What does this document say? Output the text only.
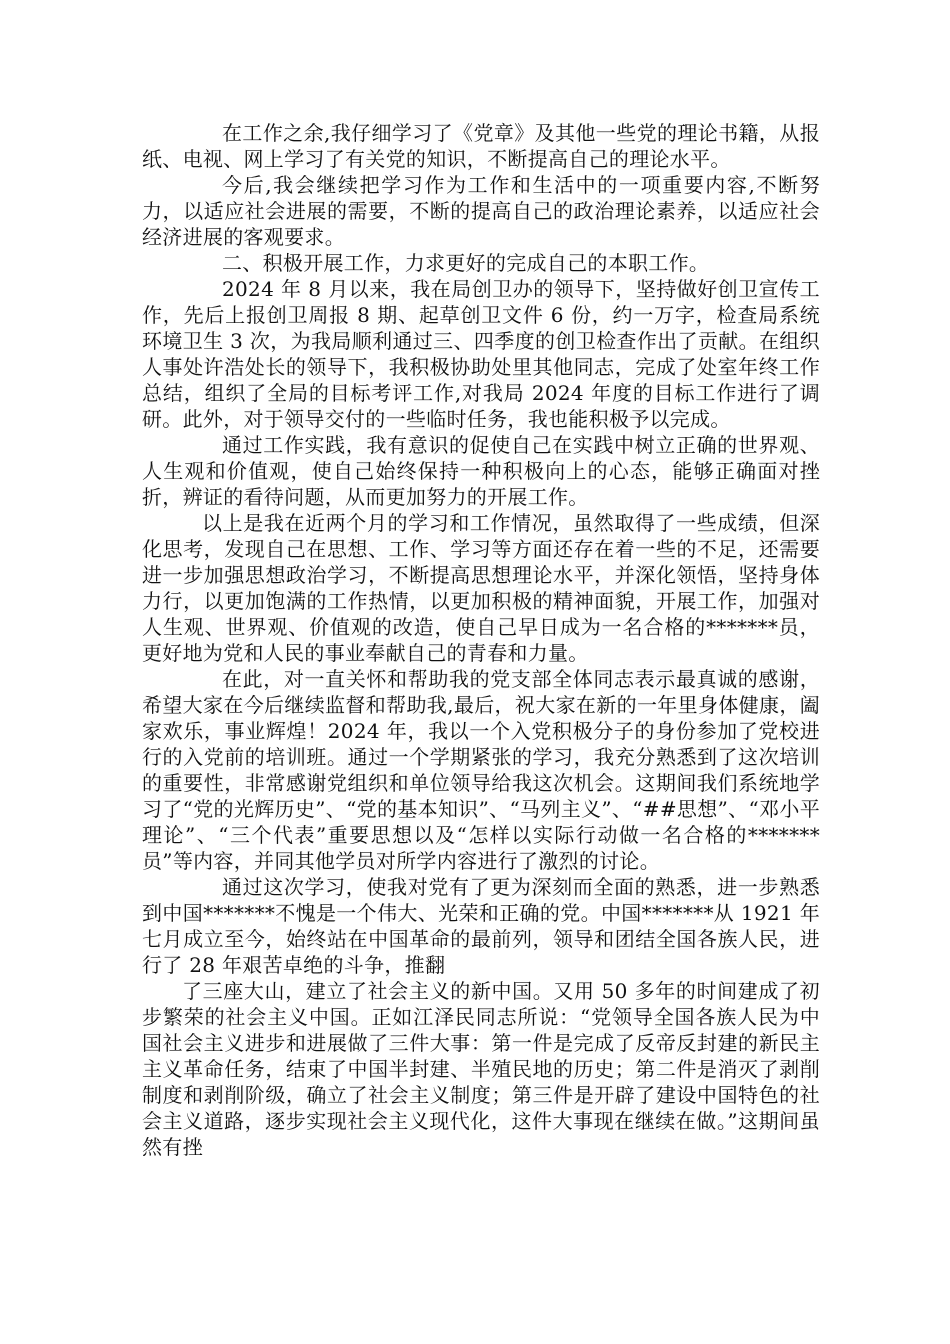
在工作之余,我仔细学习了《党章》及其他一些党的理论书籍，从报纸、电视、网上学习了有关党的知识，不断提高自己的理论水平。

今后,我会继续把学习作为工作和生活中的一项重要内容,不断努力，以适应社会进展的需要，不断的提高自己的政治理论素养，以适应社会经济进展的客观要求。

二、积极开展工作，力求更好的完成自己的本职工作。

2024 年 8 月以来，我在局创卫办的领导下，坚持做好创卫宣传工作，先后上报创卫周报 8 期、起草创卫文件 6 份，约一万字，检查局系统环境卫生 3 次，为我局顺利通过三、四季度的创卫检查作出了贡献。在组织人事处许浩处长的领导下，我积极协助处里其他同志，完成了处室年终工作总结，组织了全局的目标考评工作,对我局 2024 年度的目标工作进行了调研。此外，对于领导交付的一些临时任务，我也能积极予以完成。

通过工作实践，我有意识的促使自己在实践中树立正确的世界观、人生观和价值观，使自己始终保持一种积极向上的心态，能够正确面对挫折，辨证的看待问题，从而更加努力的开展工作。

以上是我在近两个月的学习和工作情况，虽然取得了一些成绩，但深化思考，发现自己在思想、工作、学习等方面还存在着一些的不足，还需要进一步加强思想政治学习，不断提高思想理论水平，并深化领悟，坚持身体力行，以更加饱满的工作热情，以更加积极的精神面貌，开展工作，加强对人生观、世界观、价值观的改造，使自己早日成为一名合格的*******员，更好地为党和人民的事业奉献自己的青春和力量。

在此，对一直关怀和帮助我的党支部全体同志表示最真诚的感谢，希望大家在今后继续监督和帮助我,最后，祝大家在新的一年里身体健康，阖家欢乐，事业辉煌！2024 年，我以一个入党积极分子的身份参加了党校进行的入党前的培训班。通过一个学期紧张的学习，我充分熟悉到了这次培训的重要性，非常感谢党组织和单位领导给我这次机会。这期间我们系统地学习了“党的光辉历史”、“党的基本知识”、“马列主义”、“##思想”、“邓小平理论”、“三个代表”重要思想以及“怎样以实际行动做一名合格的*******员”等内容，并同其他学员对所学内容进行了激烈的讨论。

通过这次学习，使我对党有了更为深刻而全面的熟悉，进一步熟悉到中国*******不愧是一个伟大、光荣和正确的党。中国*******从 1921 年七月成立至今，始终站在中国革命的最前列，领导和团结全国各族人民，进行了 28 年艰苦卓绝的斗争，推翻

了三座大山，建立了社会主义的新中国。又用 50 多年的时间建成了初步繁荣的社会主义中国。正如江泽民同志所说：“党领导全国各族人民为中国社会主义进步和进展做了三件大事：第一件是完成了反帝反封建的新民主主义革命任务，结束了中国半封建、半殖民地的历史；第二件是消灭了剥削制度和剥削阶级，确立了社会主义制度；第三件是开辟了建设中国特色的社会主义道路，逐步实现社会主义现代化，这件大事现在继续在做。”这期间虽然有挫
